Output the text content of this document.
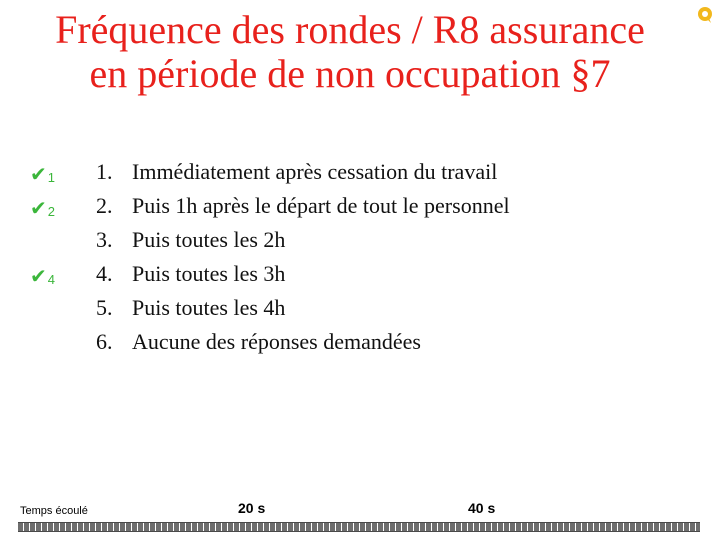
Fréquence des rondes / R8 assurance
en période de non occupation §7
✔ 1
✔ 2
✔ 4
1. Immédiatement après cessation du travail
2. Puis 1h après le départ de tout le personnel
3. Puis toutes les 2h
4. Puis toutes les 3h
5. Puis toutes les 4h
6. Aucune des réponses demandées
Temps écoulé	20 s	40 s
